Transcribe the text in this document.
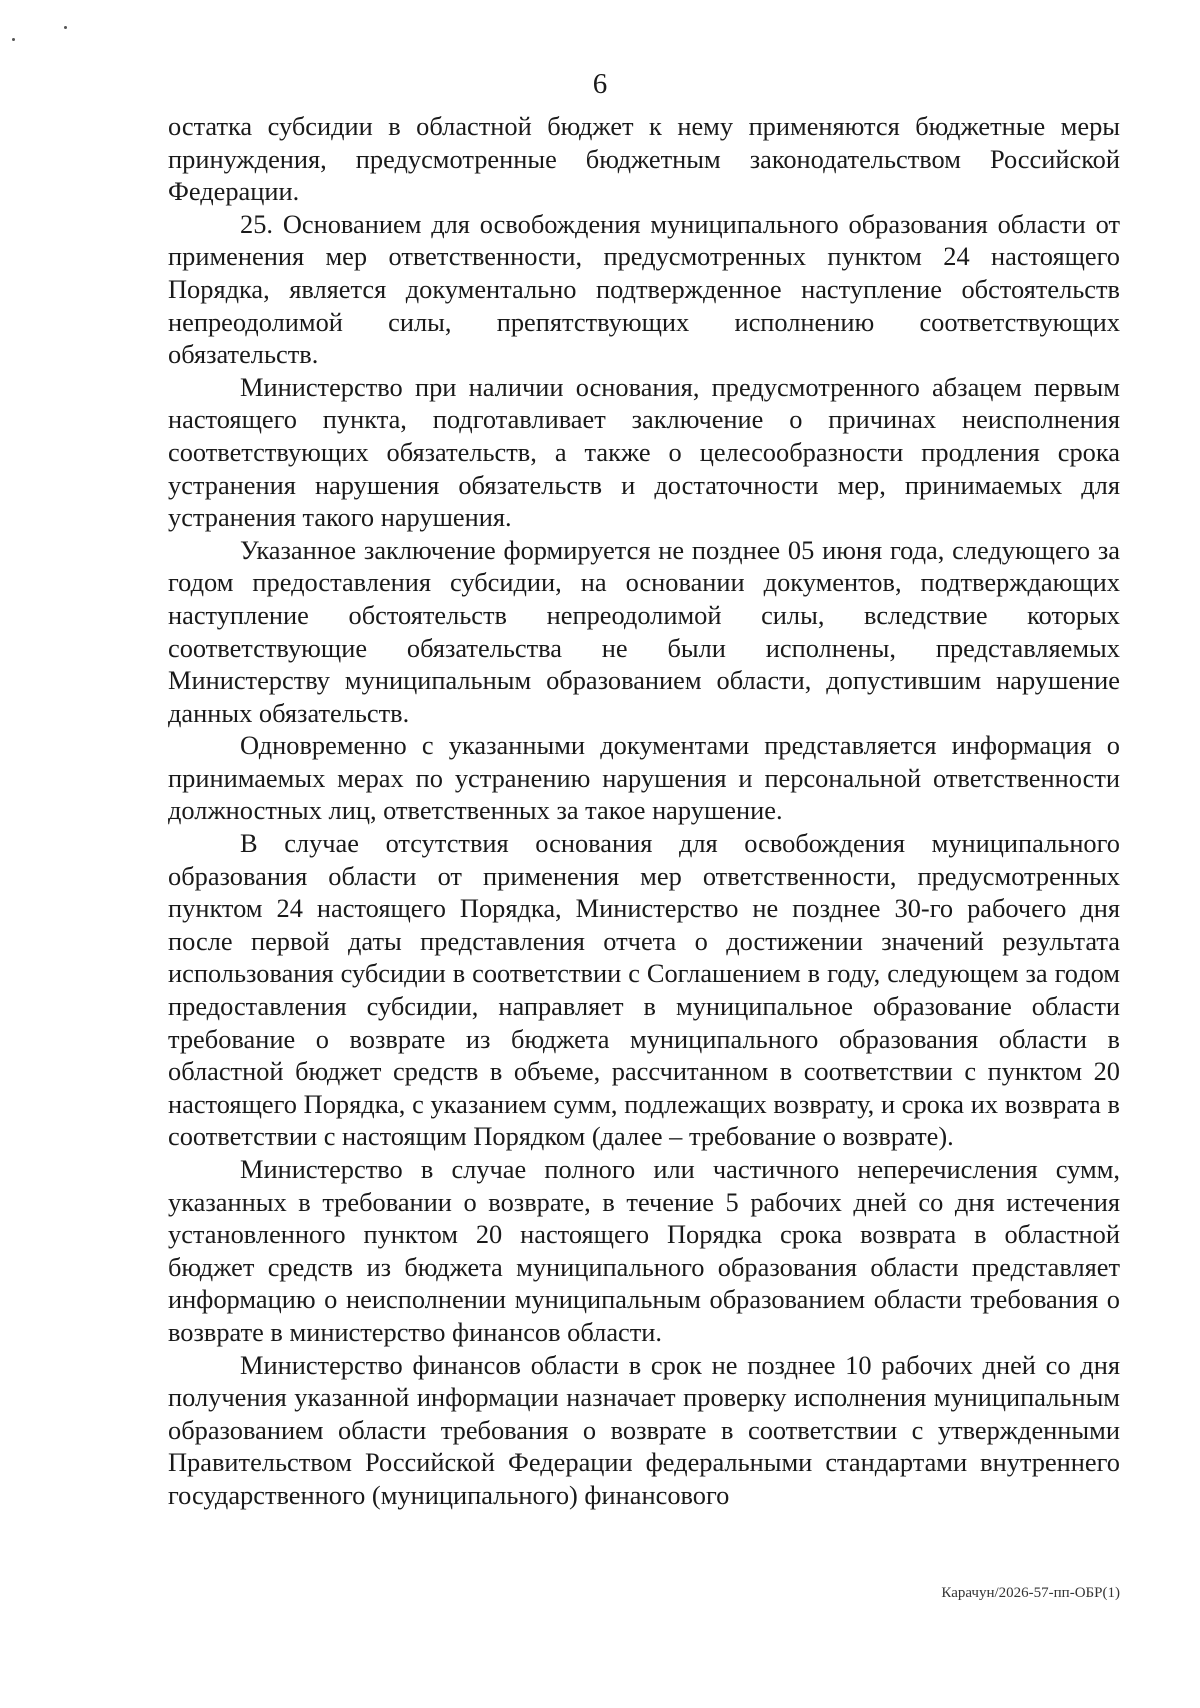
6

остатка субсидии в областной бюджет к нему применяются бюджетные меры принуждения, предусмотренные бюджетным законодательством Российской Федерации.

25. Основанием для освобождения муниципального образования области от применения мер ответственности, предусмотренных пунктом 24 настоящего Порядка, является документально подтвержденное наступление обстоятельств непреодолимой силы, препятствующих исполнению соответствующих обязательств.

Министерство при наличии основания, предусмотренного абзацем первым настоящего пункта, подготавливает заключение о причинах неисполнения соответствующих обязательств, а также о целесообразности продления срока устранения нарушения обязательств и достаточности мер, принимаемых для устранения такого нарушения.

Указанное заключение формируется не позднее 05 июня года, следующего за годом предоставления субсидии, на основании документов, подтверждающих наступление обстоятельств непреодолимой силы, вследствие которых соответствующие обязательства не были исполнены, представляемых Министерству муниципальным образованием области, допустившим нарушение данных обязательств.

Одновременно с указанными документами представляется информация о принимаемых мерах по устранению нарушения и персональной ответственности должностных лиц, ответственных за такое нарушение.

В случае отсутствия основания для освобождения муниципального образования области от применения мер ответственности, предусмотренных пунктом 24 настоящего Порядка, Министерство не позднее 30-го рабочего дня после первой даты представления отчета о достижении значений результата использования субсидии в соответствии с Соглашением в году, следующем за годом предоставления субсидии, направляет в муниципальное образование области требование о возврате из бюджета муниципального образования области в областной бюджет средств в объеме, рассчитанном в соответствии с пунктом 20 настоящего Порядка, с указанием сумм, подлежащих возврату, и срока их возврата в соответствии с настоящим Порядком (далее – требование о возврате).

Министерство в случае полного или частичного неперечисления сумм, указанных в требовании о возврате, в течение 5 рабочих дней со дня истечения установленного пунктом 20 настоящего Порядка срока возврата в областной бюджет средств из бюджета муниципального образования области представляет информацию о неисполнении муниципальным образованием области требования о возврате в министерство финансов области.

Министерство финансов области в срок не позднее 10 рабочих дней со дня получения указанной информации назначает проверку исполнения муниципальным образованием области требования о возврате в соответствии с утвержденными Правительством Российской Федерации федеральными стандартами внутреннего государственного (муниципального) финансового

Карачун/2026-57-пп-ОБР(1)
